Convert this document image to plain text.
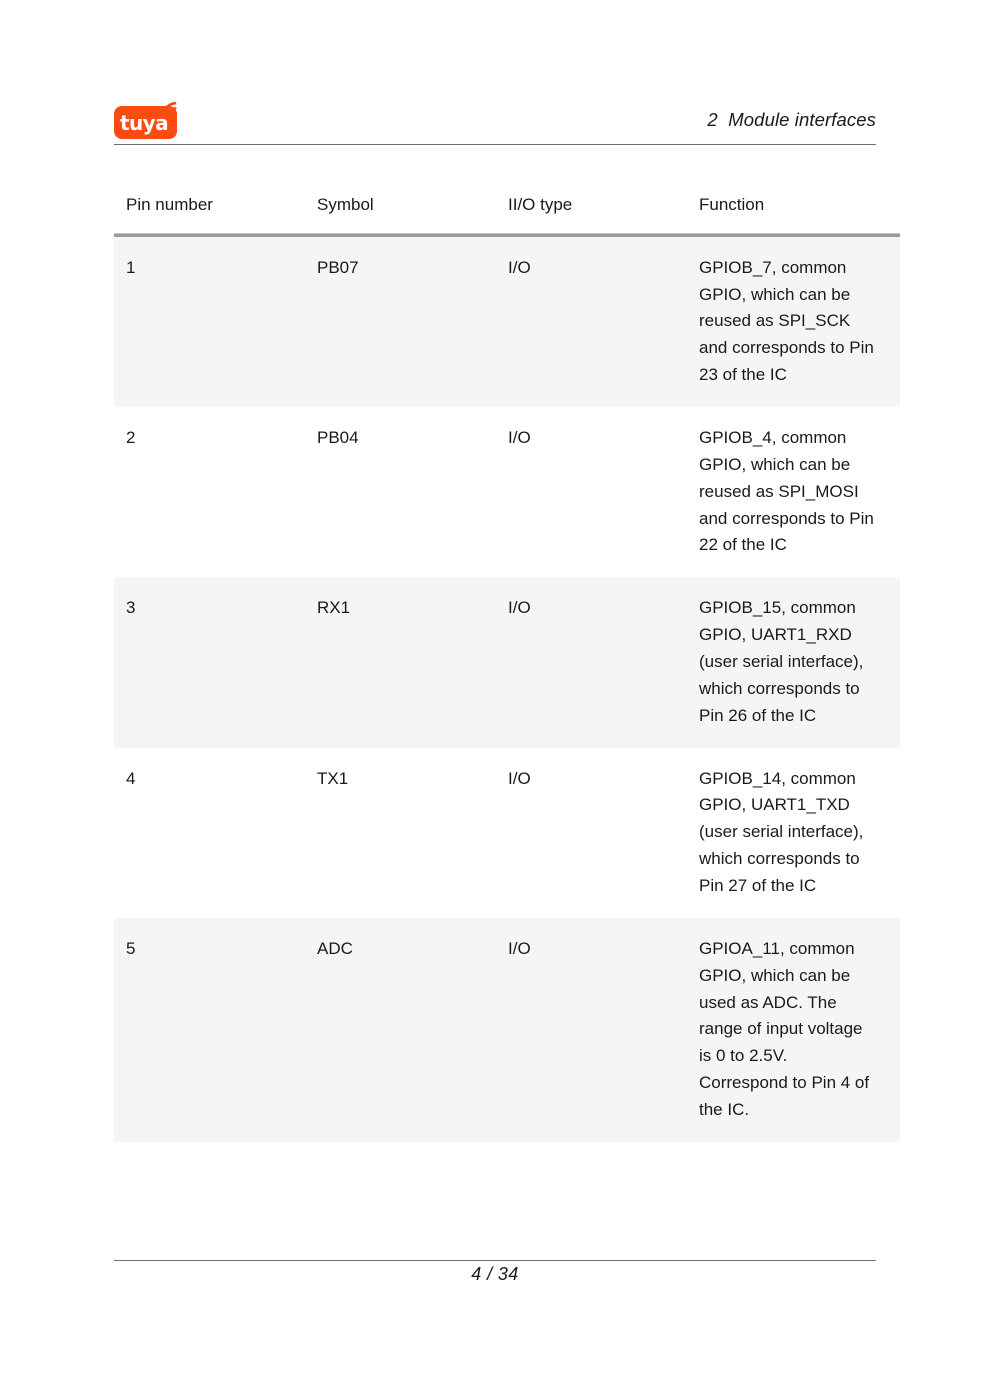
tuya	2  Module interfaces

Pin number	Symbol	II/O type	Function
1	PB07	I/O	GPIOB_7, common GPIO, which can be reused as SPI_SCK and corresponds to Pin 23 of the IC

2	PB04	I/O	GPIOB_4, common GPIO, which can be reused as SPI_MOSI and corresponds to Pin 22 of the IC

3	RX1	I/O	GPIOB_15, common GPIO, UART1_RXD (user serial interface), which corresponds to Pin 26 of the IC

4	TX1	I/O	GPIOB_14, common GPIO, UART1_TXD (user serial interface), which corresponds to Pin 27 of the IC

5	ADC	I/O	GPIOA_11, common GPIO, which can be used as ADC. The range of input voltage is 0 to 2.5V. Correspond to Pin 4 of the IC.
4 / 34
